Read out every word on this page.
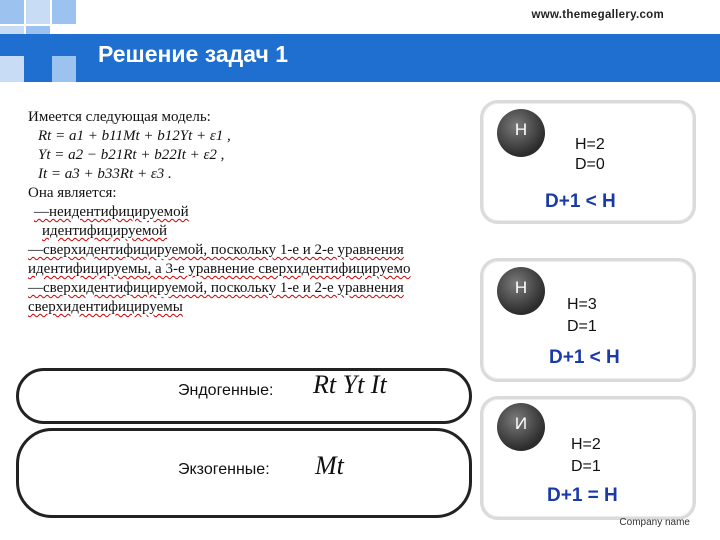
www.themegallery.com
Решение задач 1
Имеется следующая модель:
Rt = a1 + b11Mt + b12Yt + ε1 ,
Yt = a2 − b21Rt + b22It + ε2 ,
It = a3 + b33Rt + ε3 .
Она является:
—неидентифицируемой
идентифицируемой
—сверхидентифицируемой, поскольку 1-е и 2-е уравнения идентифицируемы, а 3-е уравнение сверхидентифицируемо
—сверхидентифицируемой, поскольку 1-е и 2-е уравнения сверхидентифицируемы
Н
H=2
D=0
D+1 < H
Н
H=3
D=1
D+1 < H
И
H=2
D=1
D+1 = H
Эндогенные: Rt Yt It
Экзогенные: Mt
Company name
